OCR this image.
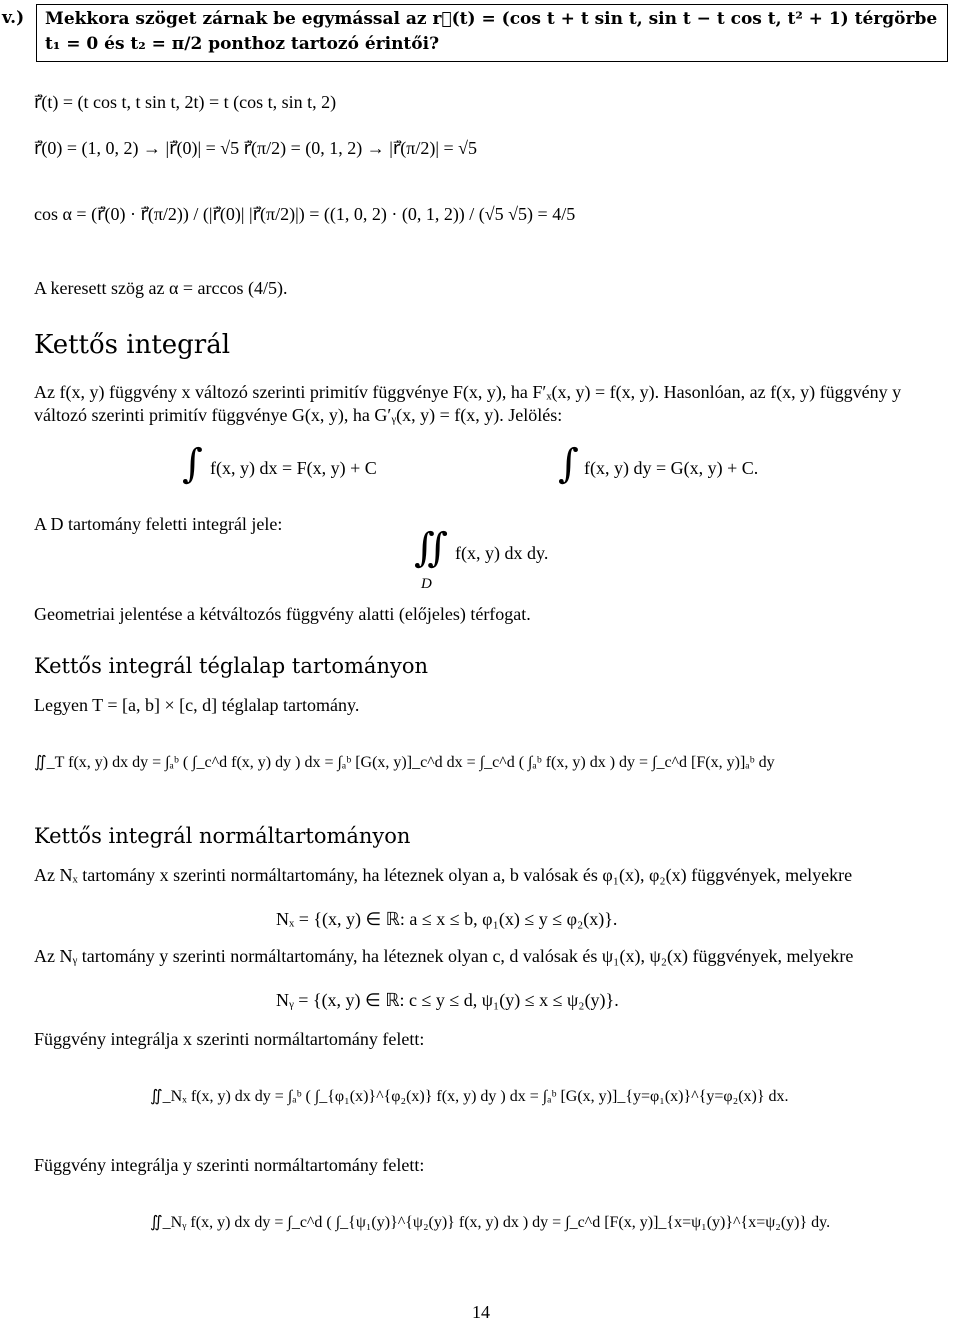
v.)	Mekkora szöget zárnak be egymással az r⃗(t) = (cos t + t sin t, sin t − t cos t, t² + 1) térgörbe t₁ = 0 és t₂ = π/2 ponthoz tartozó érintői?
r⃗̇(t) = (t cos t, t sin t, 2t) = t (cos t, sin t, 2)
r⃗̇(0) = (1, 0, 2) → |r⃗̇(0)| = √5 r⃗̇(π/2) = (0, 1, 2) → |r⃗̇(π/2)| = √5
cos α = (r⃗̇(0) · r⃗̇(π/2)) / (|r⃗̇(0)| |r⃗̇(π/2)|) = ((1, 0, 2) · (0, 1, 2)) / (√5 √5) = 4/5
A keresett szög az α = arccos (4/5).
Kettős integrál
Az f(x, y) függvény x változó szerinti primitív függvénye F(x, y), ha F′ₓ(x, y) = f(x, y). Hasonlóan, az f(x, y) függvény y változó szerinti primitív függvénye G(x, y), ha G′ᵧ(x, y) = f(x, y). Jelölés:
∫ f(x, y) dx = F(x, y) + C	∫ f(x, y) dy = G(x, y) + C.
A D tartomány feletti integrál jele:
∬ f(x, y) dx dy.
D
Geometriai jelentése a kétváltozós függvény alatti (előjeles) térfogat.
Kettős integrál téglalap tartományon
Legyen T = [a, b] × [c, d] téglalap tartomány.
∬_T f(x, y) dx dy = ∫ₐᵇ ( ∫_c^d f(x, y) dy ) dx = ∫ₐᵇ [G(x, y)]_c^d dx = ∫_c^d ( ∫ₐᵇ f(x, y) dx ) dy = ∫_c^d [F(x, y)]ₐᵇ dy
Kettős integrál normáltartományon
Az Nₓ tartomány x szerinti normáltartomány, ha léteznek olyan a, b valósak és φ₁(x), φ₂(x) függvények, melyekre
Nₓ = {(x, y) ∈ ℝ: a ≤ x ≤ b, φ₁(x) ≤ y ≤ φ₂(x)}.
Az Nᵧ tartomány y szerinti normáltartomány, ha léteznek olyan c, d valósak és ψ₁(x), ψ₂(x) függvények, melyekre
Nᵧ = {(x, y) ∈ ℝ: c ≤ y ≤ d, ψ₁(y) ≤ x ≤ ψ₂(y)}.
Függvény integrálja x szerinti normáltartomány felett:
∬_Nₓ f(x, y) dx dy = ∫ₐᵇ ( ∫_{φ₁(x)}^{φ₂(x)} f(x, y) dy ) dx = ∫ₐᵇ [G(x, y)]_{y=φ₁(x)}^{y=φ₂(x)} dx.
Függvény integrálja y szerinti normáltartomány felett:
∬_Nᵧ f(x, y) dx dy = ∫_c^d ( ∫_{ψ₁(y)}^{ψ₂(y)} f(x, y) dx ) dy = ∫_c^d [F(x, y)]_{x=ψ₁(y)}^{x=ψ₂(y)} dy.
14
